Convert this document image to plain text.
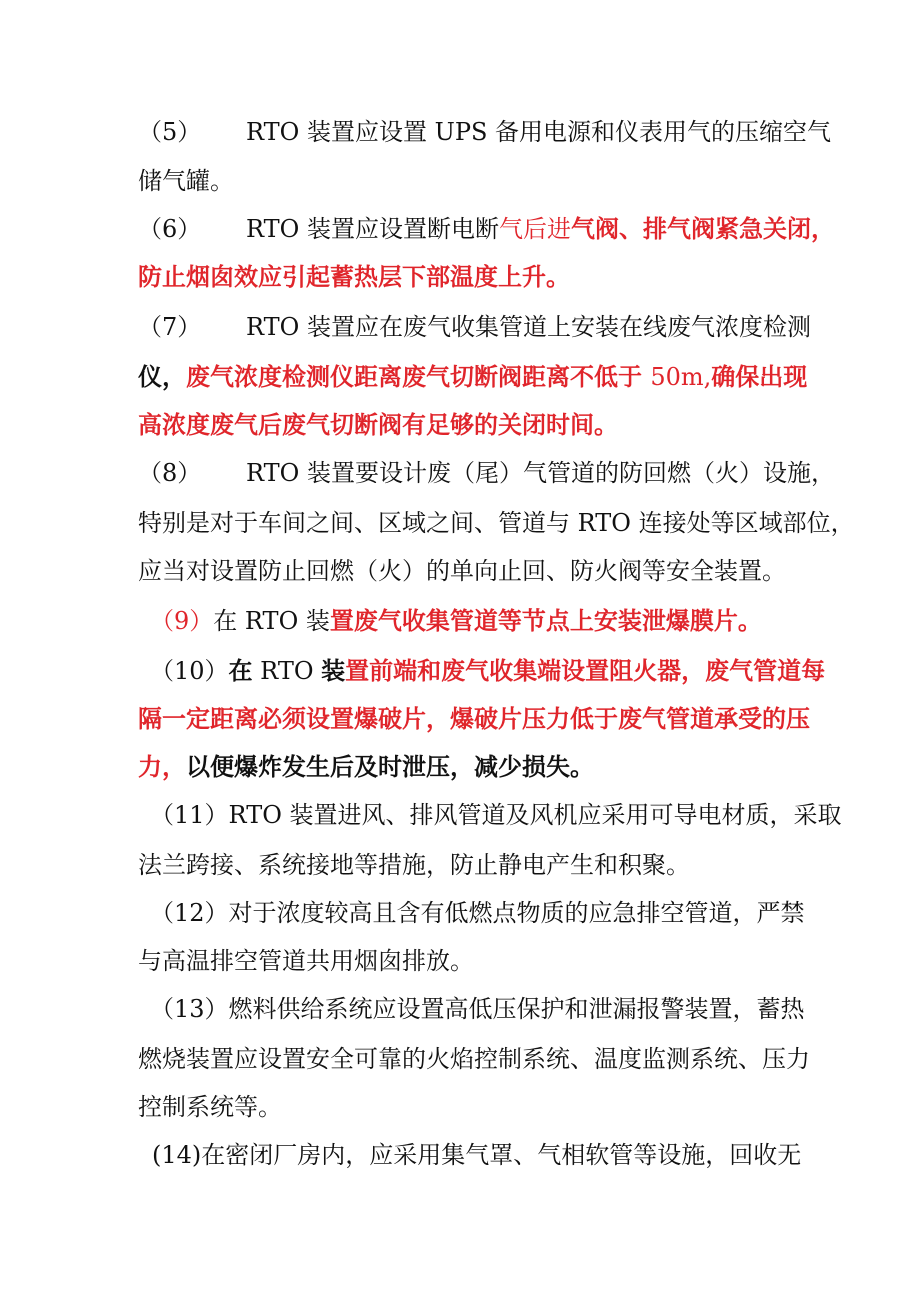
（5） RTO 装置应设置 UPS 备用电源和仪表用气的压缩空气
储气罐。
（6） RTO 装置应设置断电断气后进气阀、排气阀紧急关闭，
防止烟囱效应引起蓄热层下部温度上升。
（7） RTO 装置应在废气收集管道上安装在线废气浓度检测
仪，废气浓度检测仪距离废气切断阀距离不低于 50m,确保出现
高浓度废气后废气切断阀有足够的关闭时间。
（8） RTO 装置要设计废（尾）气管道的防回燃（火）设施，
特别是对于车间之间、区域之间、管道与 RTO 连接处等区域部位，
应当对设置防止回燃（火）的单向止回、防火阀等安全装置。
（9）在 RTO 装置废气收集管道等节点上安装泄爆膜片。
（10）在 RTO 装置前端和废气收集端设置阻火器，废气管道每
隔一定距离必须设置爆破片，爆破片压力低于废气管道承受的压
力，以便爆炸发生后及时泄压，减少损失。
（11）RTO 装置进风、排风管道及风机应采用可导电材质，采取
法兰跨接、系统接地等措施，防止静电产生和积聚。
（12）对于浓度较高且含有低燃点物质的应急排空管道，严禁
与高温排空管道共用烟囱排放。
（13）燃料供给系统应设置高低压保护和泄漏报警装置，蓄热
燃烧装置应设置安全可靠的火焰控制系统、温度监测系统、压力
控制系统等。
(14)在密闭厂房内，应采用集气罩、气相软管等设施，回收无
